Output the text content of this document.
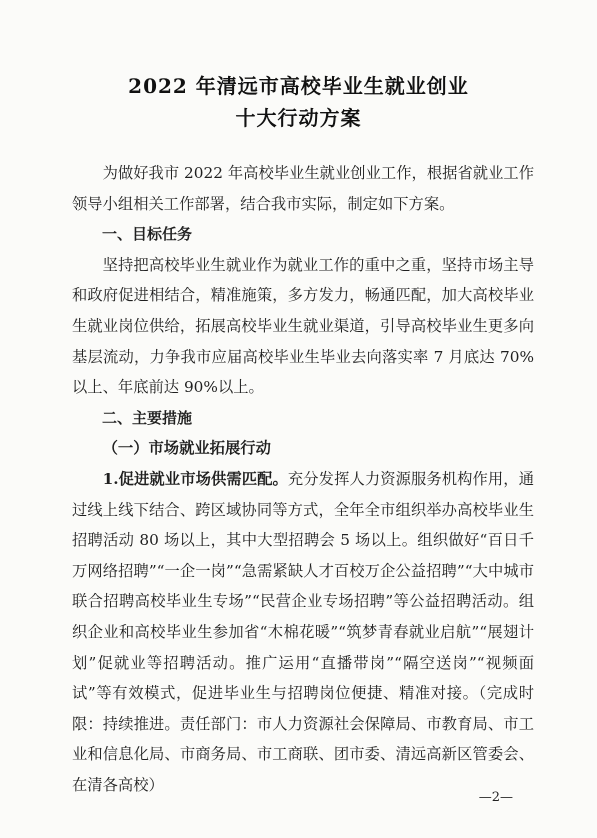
2022 年清远市高校毕业生就业创业
十大行动方案

为做好我市 2022 年高校毕业生就业创业工作，根据省就业工作领导小组相关工作部署，结合我市实际，制定如下方案。

一、目标任务

坚持把高校毕业生就业作为就业工作的重中之重，坚持市场主导和政府促进相结合，精准施策，多方发力，畅通匹配，加大高校毕业生就业岗位供给，拓展高校毕业生就业渠道，引导高校毕业生更多向基层流动，力争我市应届高校毕业生毕业去向落实率 7 月底达 70%以上、年底前达 90%以上。

二、主要措施

（一）市场就业拓展行动

1.促进就业市场供需匹配。充分发挥人力资源服务机构作用，通过线上线下结合、跨区域协同等方式，全年全市组织举办高校毕业生招聘活动 80 场以上，其中大型招聘会 5 场以上。组织做好“百日千万网络招聘”“一企一岗”“急需紧缺人才百校万企公益招聘”“大中城市联合招聘高校毕业生专场”“民营企业专场招聘”等公益招聘活动。组织企业和高校毕业生参加省“木棉花暖”“筑梦青春就业启航”“展翅计划”促就业等招聘活动。推广运用“直播带岗”“隔空送岗”“视频面试”等有效模式，促进毕业生与招聘岗位便捷、精准对接。（完成时限：持续推进。责任部门：市人力资源社会保障局、市教育局、市工业和信息化局、市商务局、市工商联、团市委、清远高新区管委会、在清各高校）

—2—
